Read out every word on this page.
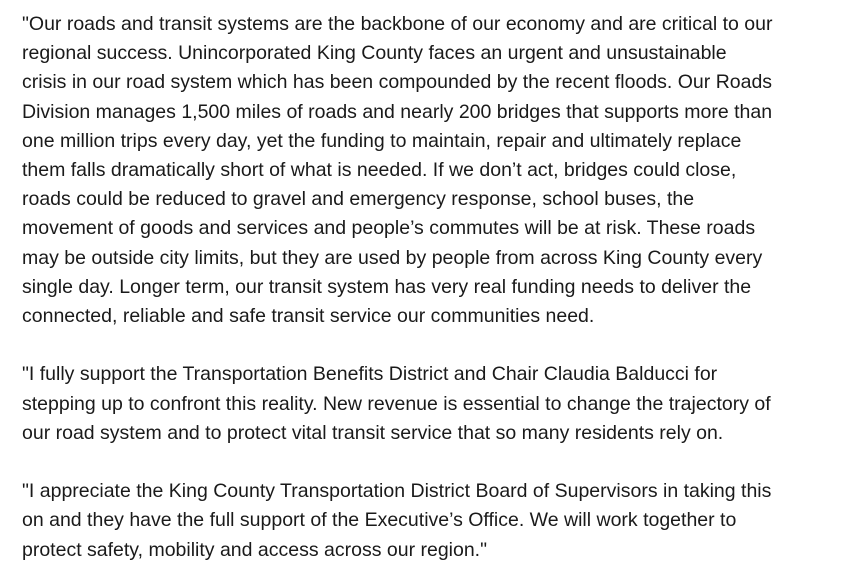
"Our roads and transit systems are the backbone of our economy and are critical to our
regional success. Unincorporated King County faces an urgent and unsustainable
crisis in our road system which has been compounded by the recent floods. Our Roads
Division manages 1,500 miles of roads and nearly 200 bridges that supports more than
one million trips every day, yet the funding to maintain, repair and ultimately replace
them falls dramatically short of what is needed. If we don’t act, bridges could close,
roads could be reduced to gravel and emergency response, school buses, the
movement of goods and services and people’s commutes will be at risk. These roads
may be outside city limits, but they are used by people from across King County every
single day. Longer term, our transit system has very real funding needs to deliver the
connected, reliable and safe transit service our communities need.

"I fully support the Transportation Benefits District and Chair Claudia Balducci for
stepping up to confront this reality. New revenue is essential to change the trajectory of
our road system and to protect vital transit service that so many residents rely on.

"I appreciate the King County Transportation District Board of Supervisors in taking this
on and they have the full support of the Executive’s Office. We will work together to
protect safety, mobility and access across our region."
